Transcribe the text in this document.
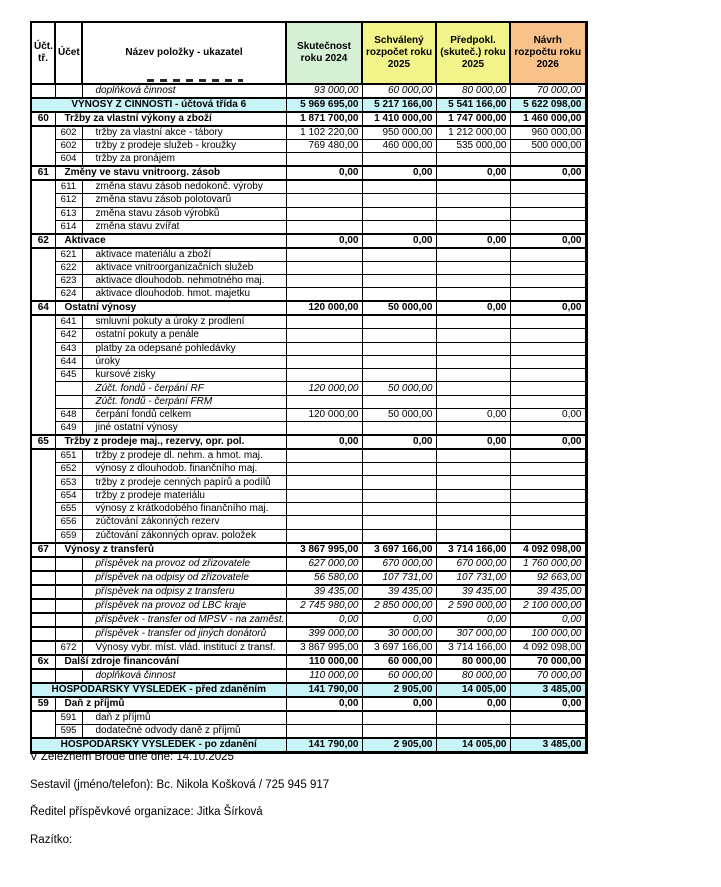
Účt. tř.	Účet	Název položky - ukazatel	Skutečnost roku 2024	Schválený rozpočet roku 2025	Předpokl. (skuteč.) roku 2025	Návrh rozpočtu roku 2026
		doplňková činnost	93 000,00	60 000,00	80 000,00	70 000,00
VÝNOSY Z ČINNOSTI - účtová třída 6			5 969 695,00	5 217 166,00	5 541 166,00	5 622 098,00
60	Tržby za vlastní výkony a zboží		1 871 700,00	1 410 000,00	1 747 000,00	1 460 000,00
	602	tržby za vlastní akce - tábory	1 102 220,00	950 000,00	1 212 000,00	960 000,00
	602	tržby z prodeje služeb - kroužky	769 480,00	460 000,00	535 000,00	500 000,00
	604	tržby za pronájem				
61	Změny ve stavu vnitroorg. zásob		0,00	0,00	0,00	0,00
	611	změna stavu zásob nedokonč. výroby				
	612	změna stavu zásob polotovarů				
	613	změna stavu zásob výrobků				
	614	změna stavu zvířat				
62	Aktivace		0,00	0,00	0,00	0,00
	621	aktivace materiálu a zboží				
	622	aktivace vnitroorganizačních služeb				
	623	aktivace dlouhodob. nehmotného maj.				
	624	aktivace dlouhodob. hmot. majetku				
64	Ostatní výnosy		120 000,00	50 000,00	0,00	0,00
	641	smluvní pokuty a úroky z prodlení				
	642	ostatní pokuty a penále				
	643	platby za odepsané pohledávky				
	644	úroky				
	645	kursové zisky				
		Zúčt. fondů - čerpání RF	120 000,00	50 000,00		
		Zúčt. fondů - čerpání FRM				
	648	čerpání fondů celkem	120 000,00	50 000,00	0,00	0,00
	649	jiné ostatní výnosy				
65	Tržby z prodeje maj., rezervy, opr. pol.		0,00	0,00	0,00	0,00
	651	tržby z prodeje dl. nehm. a hmot. maj.				
	652	výnosy z dlouhodob. finančního maj.				
	653	tržby z prodeje cenných papírů a podílů				
	654	tržby z prodeje materiálu				
	655	výnosy z krátkodobého finančního maj.				
	656	zúčtování zákonných rezerv				
	659	zúčtování zákonných oprav. položek				
67	Výnosy z transferů		3 867 995,00	3 697 166,00	3 714 166,00	4 092 098,00
		příspěvek na provoz od zřizovatele	627 000,00	670 000,00	670 000,00	1 760 000,00
		příspěvek na odpisy od zřizovatele	56 580,00	107 731,00	107 731,00	92 663,00
		příspěvek na odpisy z transferu	39 435,00	39 435,00	39 435,00	39 435,00
		příspěvek na provoz od LBC kraje	2 745 980,00	2 850 000,00	2 590 000,00	2 100 000,00
		příspěvek - transfer od MPSV - na zaměst.	0,00	0,00	0,00	0,00
		příspěvek - transfer od jiných donátorů	399 000,00	30 000,00	307 000,00	100 000,00
	672	Výnosy vybr. míst. vlád. institucí z transf.	3 867 995,00	3 697 166,00	3 714 166,00	4 092 098,00
6x	Další zdroje financování		110 000,00	60 000,00	80 000,00	70 000,00
		doplňková činnost	110 000,00	60 000,00	80 000,00	70 000,00
HOSPODÁŘSKÝ VÝSLEDEK - před zdaněním			141 790,00	2 905,00	14 005,00	3 485,00
59	Daň z příjmů		0,00	0,00	0,00	0,00
	591	daň z příjmů				
	595	dodatečné odvody daně z příjmů				
HOSPODÁŘSKÝ VÝSLEDEK - po zdanění			141 790,00	2 905,00	14 005,00	3 485,00
V Zelezném Brodě dne dne: 14.10.2025
Sestavil (jméno/telefon): Bc. Nikola Košková / 725 945 917
Ředitel příspěvkové organizace: Jitka Šírková
Razítko:
